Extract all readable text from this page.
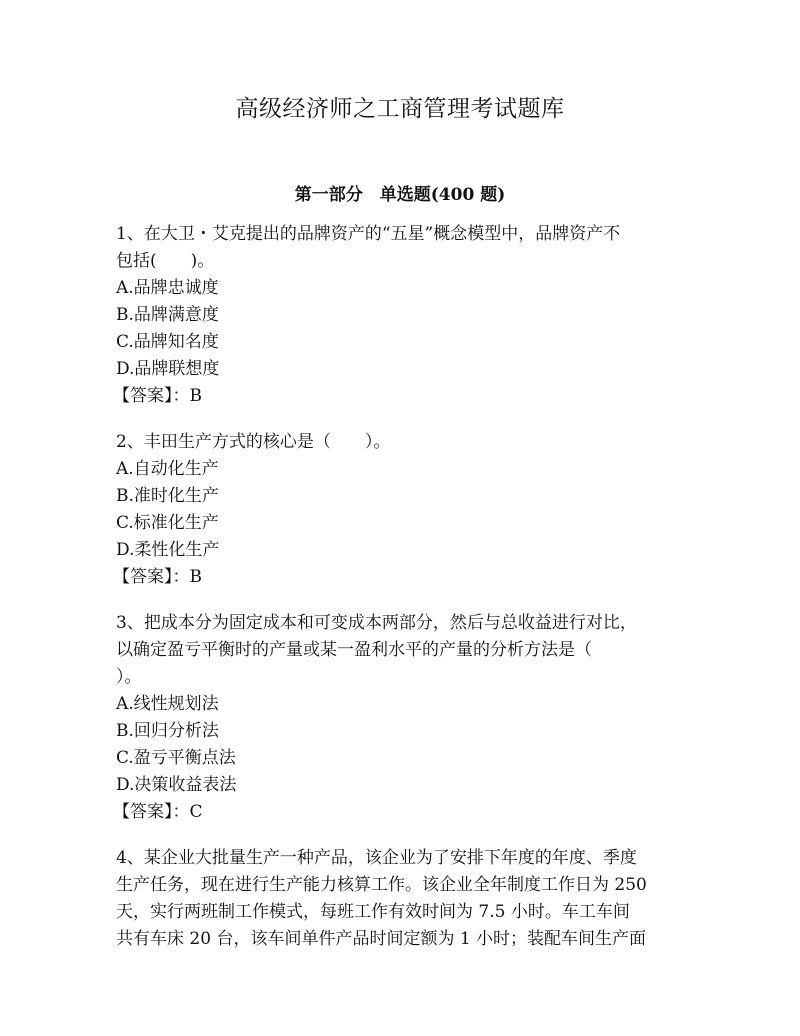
高级经济师之工商管理考试题库
第一部分　单选题(400 题)
1、在大卫・艾克提出的品牌资产的“五星”概念模型中，品牌资产不
包括(　　)。
A.品牌忠诚度
B.品牌满意度
C.品牌知名度
D.品牌联想度
【答案】：B
2、丰田生产方式的核心是（　　）。
A.自动化生产
B.准时化生产
C.标准化生产
D.柔性化生产
【答案】：B
3、把成本分为固定成本和可变成本两部分，然后与总收益进行对比，
以确定盈亏平衡时的产量或某一盈利水平的产量的分析方法是（
）。
A.线性规划法
B.回归分析法
C.盈亏平衡点法
D.决策收益表法
【答案】：C
4、某企业大批量生产一种产品，该企业为了安排下年度的年度、季度
生产任务，现在进行生产能力核算工作。该企业全年制度工作日为 250
天，实行两班制工作模式，每班工作有效时间为 7.5 小时。车工车间
共有车床 20 台，该车间单件产品时间定额为 1 小时；装配车间生产面
